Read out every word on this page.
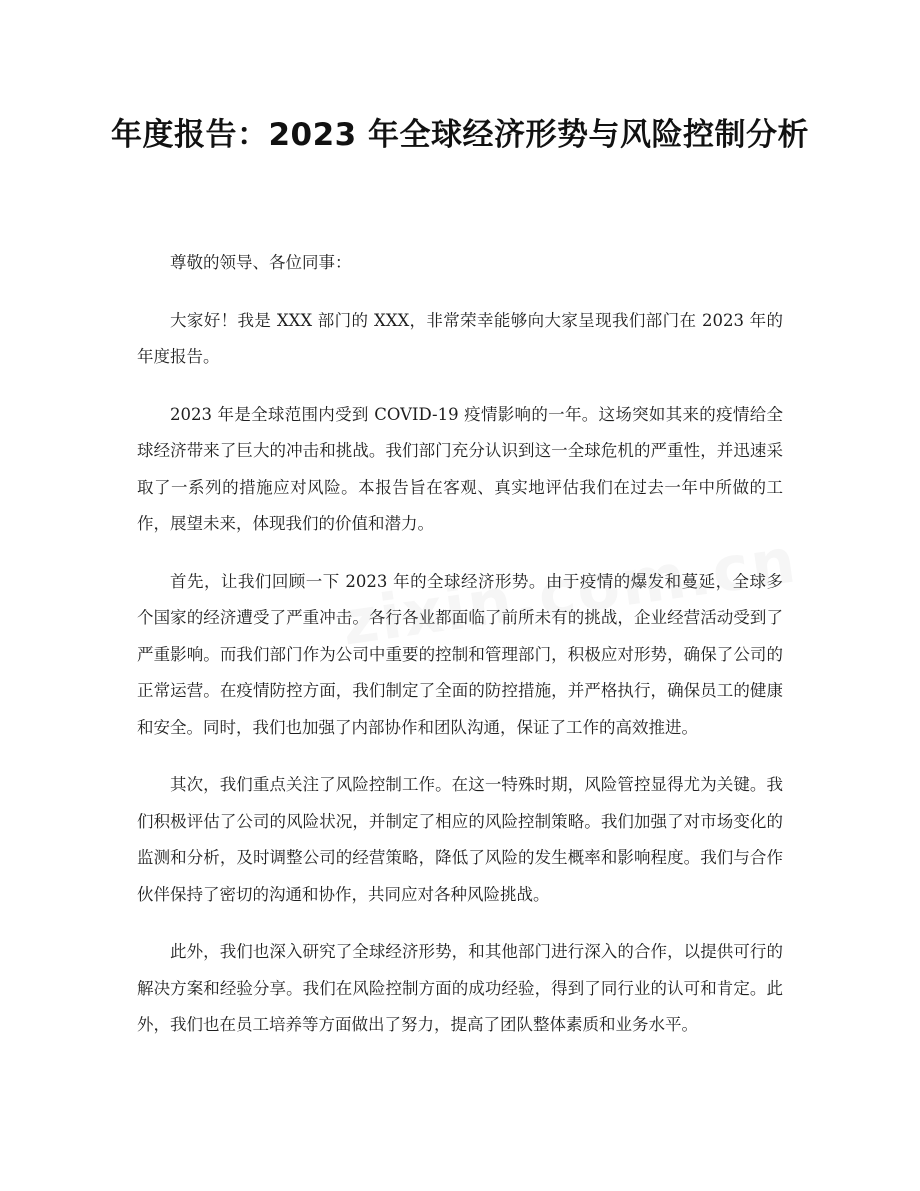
年度报告：2023 年全球经济形势与风险控制分析

尊敬的领导、各位同事：

大家好！我是 XXX 部门的 XXX，非常荣幸能够向大家呈现我们部门在 2023 年的年度报告。

2023 年是全球范围内受到 COVID-19 疫情影响的一年。这场突如其来的疫情给全球经济带来了巨大的冲击和挑战。我们部门充分认识到这一全球危机的严重性，并迅速采取了一系列的措施应对风险。本报告旨在客观、真实地评估我们在过去一年中所做的工作，展望未来，体现我们的价值和潜力。

首先，让我们回顾一下 2023 年的全球经济形势。由于疫情的爆发和蔓延，全球多个国家的经济遭受了严重冲击。各行各业都面临了前所未有的挑战，企业经营活动受到了严重影响。而我们部门作为公司中重要的控制和管理部门，积极应对形势，确保了公司的正常运营。在疫情防控方面，我们制定了全面的防控措施，并严格执行，确保员工的健康和安全。同时，我们也加强了内部协作和团队沟通，保证了工作的高效推进。

其次，我们重点关注了风险控制工作。在这一特殊时期，风险管控显得尤为关键。我们积极评估了公司的风险状况，并制定了相应的风险控制策略。我们加强了对市场变化的监测和分析，及时调整公司的经营策略，降低了风险的发生概率和影响程度。我们与合作伙伴保持了密切的沟通和协作，共同应对各种风险挑战。

此外，我们也深入研究了全球经济形势，和其他部门进行深入的合作，以提供可行的解决方案和经验分享。我们在风险控制方面的成功经验，得到了同行业的认可和肯定。此外，我们也在员工培养等方面做出了努力，提高了团队整体素质和业务水平。
